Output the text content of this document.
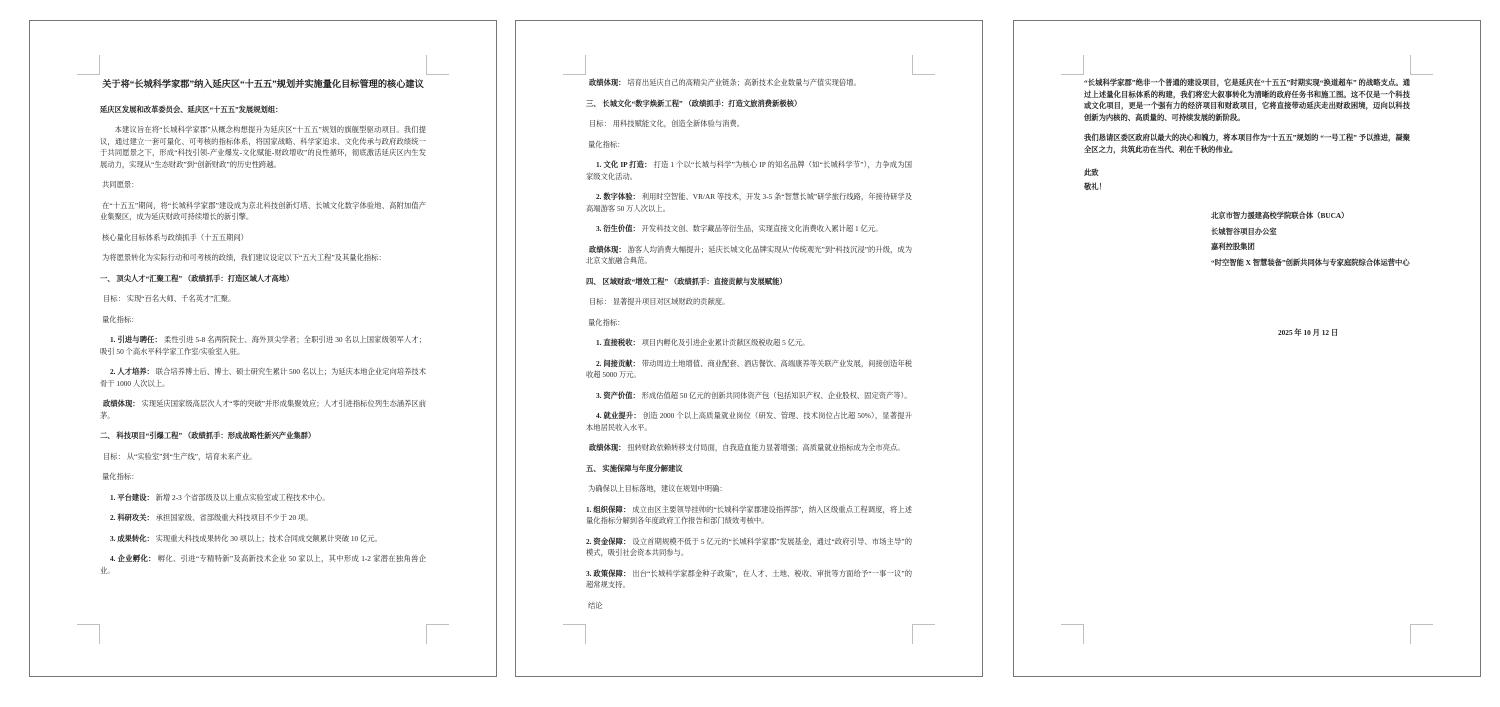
关于将“长城科学家郡”纳入延庆区“十五五”规划并实施量化目标管理的核心建议
延庆区发展和改革委员会、延庆区“十五五”发展规划组：
本建议旨在将“长城科学家郡”从概念构想提升为延庆区“十五五”规划的旗舰型驱动项目。我们提议，通过建立一套可量化、可考核的指标体系，将国家战略、科学家追求、文化传承与政府政绩统一于共同愿景之下，形成“科技引领-产业爆发-文化赋能-财政增收”的良性循环，彻底激活延庆区内生发展动力，实现从“生态财政”到“创新财政”的历史性跨越。
共同愿景：
在“十五五”期间，将“长城科学家郡”建设成为京北科技创新灯塔、长城文化数字体验地、高附加值产业集聚区，成为延庆财政可持续增长的新引擎。
核心量化目标体系与政绩抓手（十五五期间）
为将愿景转化为实际行动和可考核的政绩，我们建议设定以下“五大工程”及其量化指标：
一、 顶尖人才“汇聚工程” （政绩抓手：打造区域人才高地）
目标： 实现“百名大师、千名英才”汇聚。
量化指标：
1. 引进与聘任： 柔性引进 5-8 名两院院士、海外顶尖学者；全职引进 30 名以上国家级领军人才；吸引 50 个高水平科学家工作室/实验室入驻。
2. 人才培养： 联合培养博士后、博士、硕士研究生累计 500 名以上；为延庆本地企业定向培养技术骨干 1000 人次以上。
政绩体现： 实现延庆国家级高层次人才“零的突破”并形成集聚效应；人才引进指标位列生态涵养区前茅。
二、 科技项目“引爆工程” （政绩抓手：形成战略性新兴产业集群）
目标： 从“实验室”到“生产线”，培育未来产业。
量化指标：
1. 平台建设： 新增 2-3 个省部级及以上重点实验室或工程技术中心。
2. 科研攻关： 承担国家级、省部级重大科技项目不少于 20 项。
3. 成果转化： 实现重大科技成果转化 30 项以上；技术合同成交额累计突破 10 亿元。
4. 企业孵化： 孵化、引进“专精特新”及高新技术企业 50 家以上，其中形成 1-2 家潜在独角兽企业。
政绩体现： 培育出延庆自己的高精尖产业链条；高新技术企业数量与产值实现倍增。
三、 长城文化“数字焕新工程” （政绩抓手：打造文旅消费新极核）
目标： 用科技赋能文化，创造全新体验与消费。
量化指标：
1. 文化 IP 打造： 打造 1 个以“长城与科学”为核心 IP 的知名品牌（如“长城科学节”），力争成为国家级文化活动。
2. 数字体验： 利用时空智能、VR/AR 等技术，开发 3-5 条“智慧长城”研学旅行线路，年接待研学及高端游客 50 万人次以上。
3. 衍生价值： 开发科技文创、数字藏品等衍生品，实现直接文化消费收入累计超 1 亿元。
政绩体现： 游客人均消费大幅提升；延庆长城文化品牌实现从“传统观光”到“科技沉浸”的升级，成为北京文旅融合典范。
四、 区域财政“增效工程” （政绩抓手：直接贡献与发展赋能）
目标： 显著提升项目对区域财政的贡献度。
量化指标：
1. 直接税收： 项目内孵化及引进企业累计贡献区级税收超 5 亿元。
2. 间接贡献： 带动周边土地增值、商业配套、酒店餐饮、高端康养等关联产业发展，间接创造年税收超 5000 万元。
3. 资产价值： 形成估值超 50 亿元的创新共同体资产包（包括知识产权、企业股权、固定资产等）。
4. 就业提升： 创造 2000 个以上高质量就业岗位（研发、管理、技术岗位占比超 50%），显著提升本地居民收入水平。
政绩体现： 扭转财政依赖转移支付局面，自我造血能力显著增强；高质量就业指标成为全市亮点。
五、 实施保障与年度分解建议
为确保以上目标落地，建议在规划中明确：
1. 组织保障： 成立由区主要领导挂帅的“长城科学家郡建设指挥部”，纳入区级重点工程调度，将上述量化指标分解到各年度政府工作报告和部门绩效考核中。
2. 资金保障： 设立首期规模不低于 5 亿元的“长城科学家郡”发展基金，通过“政府引导、市场主导”的模式，吸引社会资本共同参与。
3. 政策保障： 出台“长城科学家郡金种子政策”，在人才、土地、税收、审批等方面给予“一事一议”的超常规支持。
结论
“长城科学家郡”绝非一个普通的建设项目，它是延庆在“十五五”时期实现“换道超车” 的战略支点。通过上述量化目标体系的构建，我们将宏大叙事转化为清晰的政府任务书和施工图。这不仅是一个科技或文化项目，更是一个强有力的经济项目和财政项目，它将直接带动延庆走出财政困境，迈向以科技创新为内核的、高质量的、可持续发展的新阶段。
我们恳请区委区政府以最大的决心和魄力，将本项目作为“十五五”规划的 “一号工程” 予以推进，凝聚全区之力，共筑此功在当代、利在千秋的伟业。
此致
敬礼！
北京市智力援建高校学院联合体（BUCA）
长城智谷项目办公室
嘉利控股集团
“时空智能 X 智慧装备”创新共同体与专家庭院综合体运营中心
2025 年 10 月 12 日
